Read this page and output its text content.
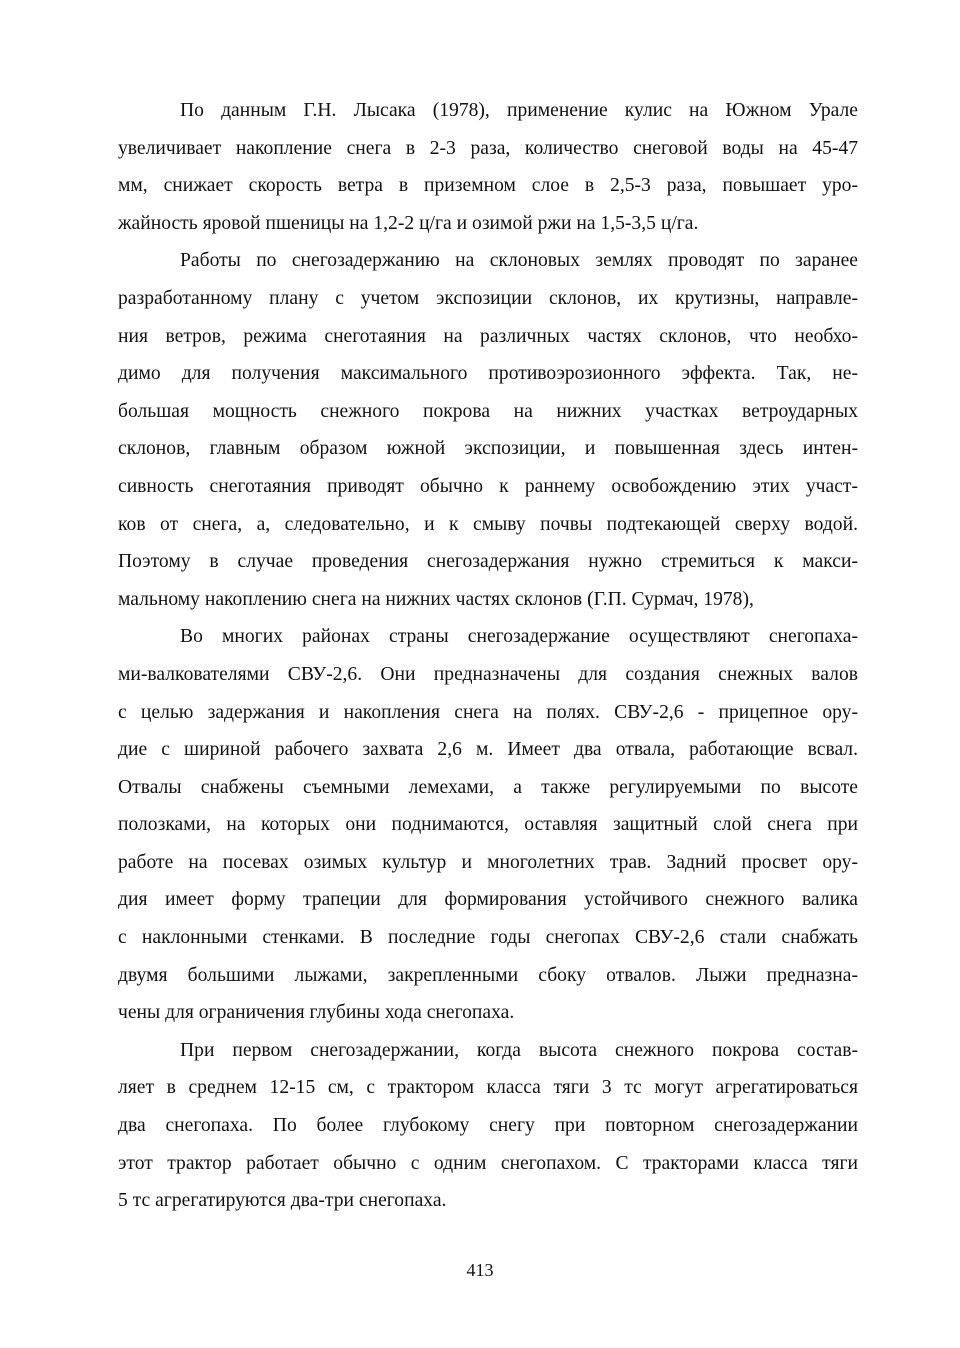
По данным Г.Н. Лысака (1978), применение кулис на Южном Урале
увеличивает накопление снега в 2-3 раза, количество снеговой воды на 45-47
мм, снижает скорость ветра в приземном слое в 2,5-3 раза, повышает уро-
жайность яровой пшеницы на 1,2-2 ц/га и озимой ржи на 1,5-3,5 ц/га.
Работы по снегозадержанию на склоновых землях проводят по заранее
разработанному плану с учетом экспозиции склонов, их крутизны, направле-
ния ветров, режима снеготаяния на различных частях склонов, что необхо-
димо для получения максимального противоэрозионного эффекта. Так, не-
большая мощность снежного покрова на нижних участках ветроударных
склонов, главным образом южной экспозиции, и повышенная здесь интен-
сивность снеготаяния приводят обычно к раннему освобождению этих участ-
ков от снега, а, следовательно, и к смыву почвы подтекающей сверху водой.
Поэтому в случае проведения снегозадержания нужно стремиться к макси-
мальному накоплению снега на нижних частях склонов (Г.П. Сурмач, 1978),
Во многих районах страны снегозадержание осуществляют снегопаха-
ми-валкователями СВУ-2,6. Они предназначены для создания снежных валов
с целью задержания и накопления снега на полях. СВУ-2,6 - прицепное ору-
дие с шириной рабочего захвата 2,6 м. Имеет два отвала, работающие всвал.
Отвалы снабжены съемными лемехами, а также регулируемыми по высоте
полозками, на которых они поднимаются, оставляя защитный слой снега при
работе на посевах озимых культур и многолетних трав. Задний просвет ору-
дия имеет форму трапеции для формирования устойчивого снежного валика
с наклонными стенками. В последние годы снегопах СВУ-2,6 стали снабжать
двумя большими лыжами, закрепленными сбоку отвалов. Лыжи предназна-
чены для ограничения глубины хода снегопаха.
При первом снегозадержании, когда высота снежного покрова состав-
ляет в среднем 12-15 см, с трактором класса тяги 3 тс могут агрегатироваться
два снегопаха. По более глубокому снегу при повторном снегозадержании
этот трактор работает обычно с одним снегопахом. С тракторами класса тяги
5 тс агрегатируются два-три снегопаха.
413
